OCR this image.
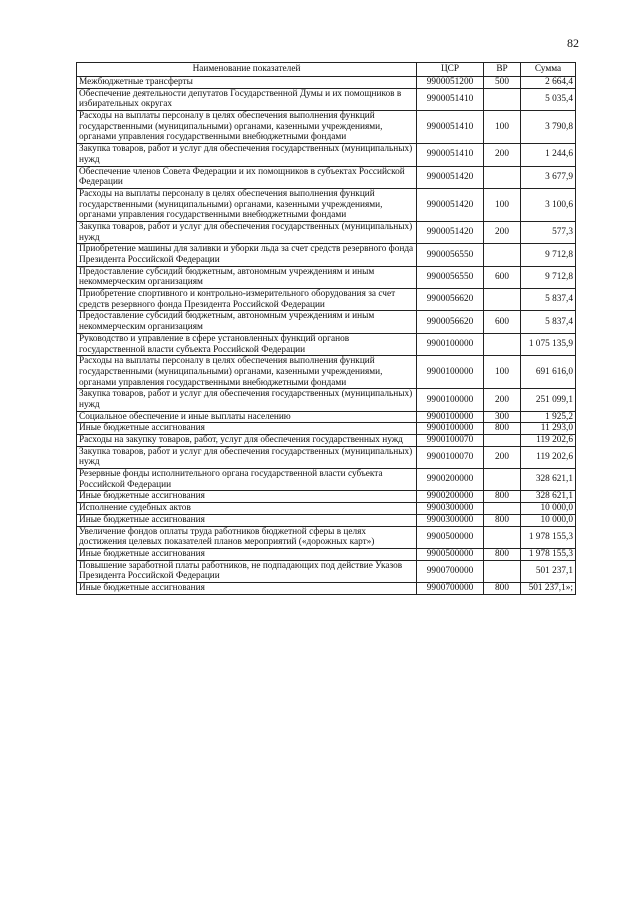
82
Наименование показателей	ЦСР	ВР	Сумма
Межбюджетные трансферты	9900051200	500	2 664,4
Обеспечение деятельности депутатов Государственной Думы и их помощников в избирательных округах	9900051410		5 035,4
Расходы на выплаты персоналу в целях обеспечения выполнения функций государственными (муниципальными) органами, казенными учреждениями, органами управления государственными внебюджетными фондами	9900051410	100	3 790,8
Закупка товаров, работ и услуг для обеспечения государственных (муниципальных) нужд	9900051410	200	1 244,6
Обеспечение членов Совета Федерации и их помощников в субъектах Российской Федерации	9900051420		3 677,9
Расходы на выплаты персоналу в целях обеспечения выполнения функций государственными (муниципальными) органами, казенными учреждениями, органами управления государственными внебюджетными фондами	9900051420	100	3 100,6
Закупка товаров, работ и услуг для обеспечения государственных (муниципальных) нужд	9900051420	200	577,3
Приобретение машины для заливки и уборки льда за счет средств резервного фонда Президента Российской Федерации	9900056550		9 712,8
Предоставление субсидий бюджетным, автономным учреждениям и иным некоммерческим организациям	9900056550	600	9 712,8
Приобретение спортивного и контрольно-измерительного оборудования за счет средств резервного фонда Президента Российской Федерации	9900056620		5 837,4
Предоставление субсидий бюджетным, автономным учреждениям и иным некоммерческим организациям	9900056620	600	5 837,4
Руководство и управление в сфере установленных функций органов государственной власти субъекта Российской Федерации	9900100000		1 075 135,9
Расходы на выплаты персоналу в целях обеспечения выполнения функций государственными (муниципальными) органами, казенными учреждениями, органами управления государственными внебюджетными фондами	9900100000	100	691 616,0
Закупка товаров, работ и услуг для обеспечения государственных (муниципальных) нужд	9900100000	200	251 099,1
Социальное обеспечение и иные выплаты населению	9900100000	300	1 925,2
Иные бюджетные ассигнования	9900100000	800	11 293,0
Расходы на закупку товаров, работ, услуг для обеспечения государственных нужд	9900100070		119 202,6
Закупка товаров, работ и услуг для обеспечения государственных (муниципальных) нужд	9900100070	200	119 202,6
Резервные фонды исполнительного органа государственной власти субъекта Российской Федерации	9900200000		328 621,1
Иные бюджетные ассигнования	9900200000	800	328 621,1
Исполнение судебных актов	9900300000		10 000,0
Иные бюджетные ассигнования	9900300000	800	10 000,0
Увеличение фондов оплаты труда работников бюджетной сферы в целях достижения целевых показателей планов мероприятий («дорожных карт»)	9900500000		1 978 155,3
Иные бюджетные ассигнования	9900500000	800	1 978 155,3
Повышение заработной платы работников, не подпадающих под действие Указов Президента Российской Федерации	9900700000		501 237,1
Иные бюджетные ассигнования	9900700000	800	501 237,1»;
